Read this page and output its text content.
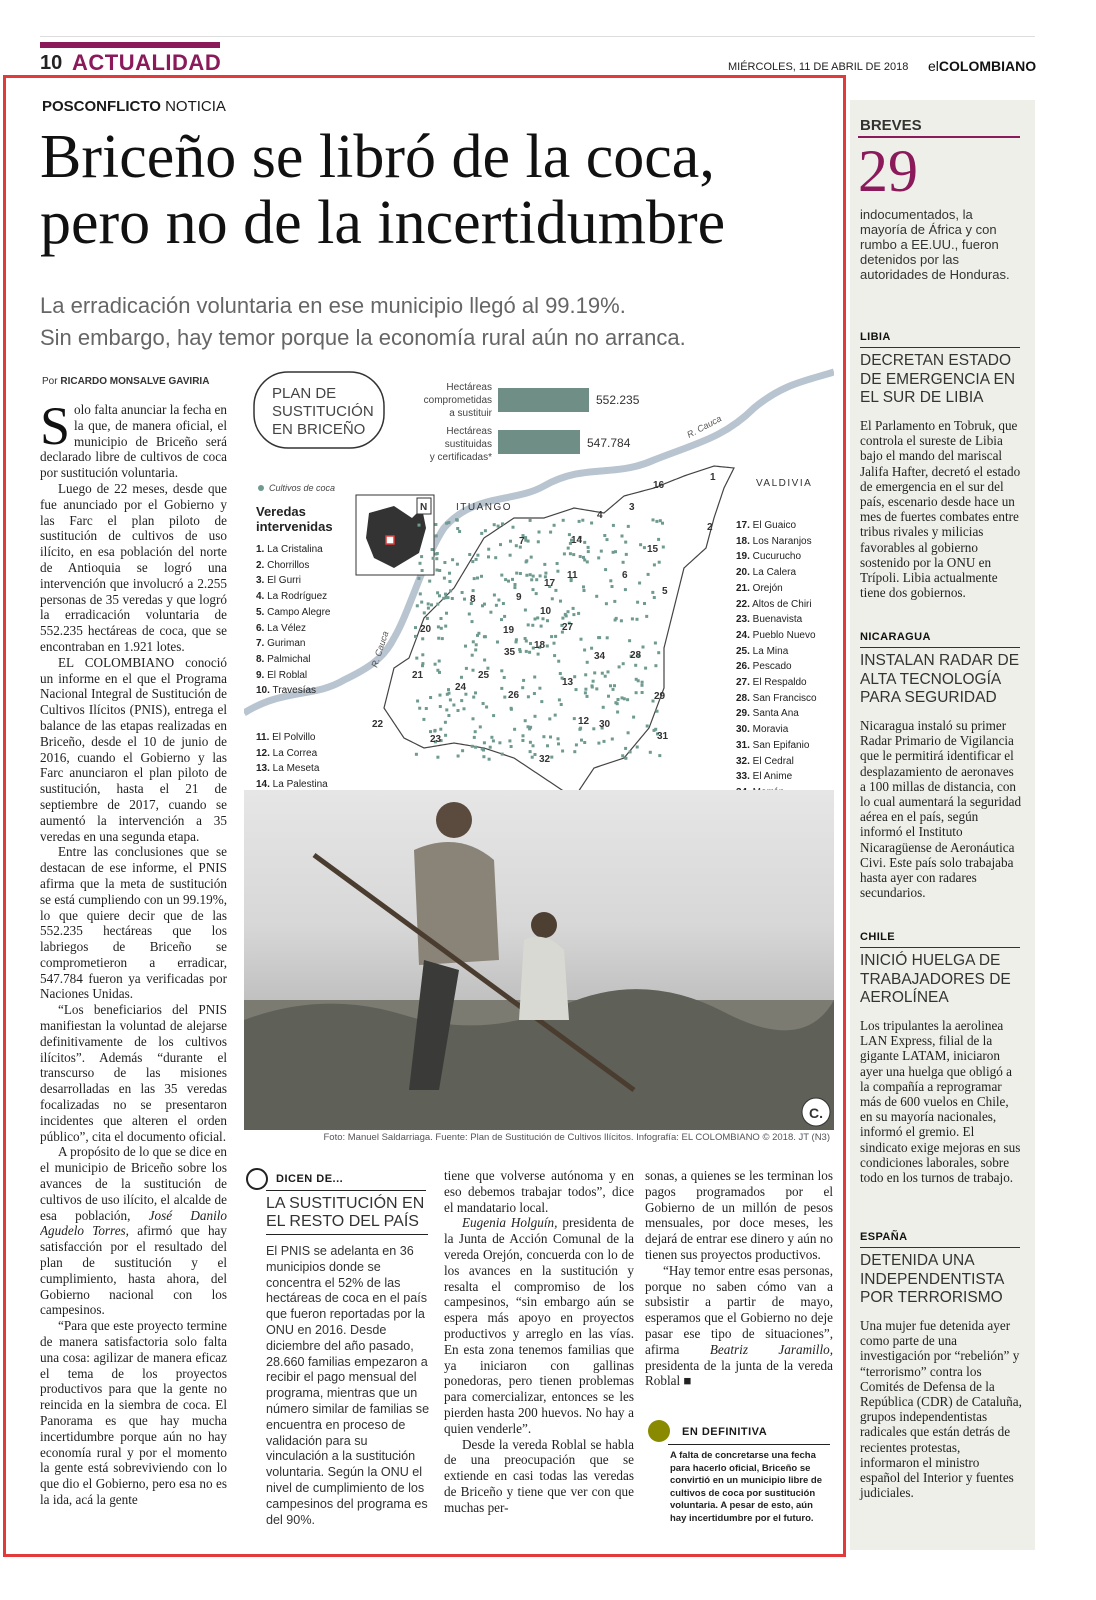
10 ACTUALIDAD	MIÉRCOLES, 11 DE ABRIL DE 2018 elCOLOMBIANO
POSCONFLICTO NOTICIA
Briceño se libró de la coca,
pero no de la incertidumbre
La erradicación voluntaria en ese municipio llegó al 99.19%.
Sin embargo, hay temor porque la economía rural aún no arranca.
Por RICARDO MONSALVE GAVIRIA

Solo falta anunciar la fecha en la que, de manera oficial, el municipio de Briceño será declarado libre de cultivos de coca por sustitución voluntaria.

Luego de 22 meses, desde que fue anunciado por el Gobierno y las Farc el plan piloto de sustitución de cultivos de uso ilícito, en esa población del norte de Antioquia se logró una intervención que involucró a 2.255 personas de 35 veredas y que logró la erradicación voluntaria de 552.235 hectáreas de coca, que se encontraban en 1.921 lotes.

EL COLOMBIANO conoció un informe en el que el Programa Nacional Integral de Sustitución de Cultivos Ilícitos (PNIS), entrega el balance de las etapas realizadas en Briceño, desde el 10 de junio de 2016, cuando el Gobierno y las Farc anunciaron el plan piloto de sustitución, hasta el 21 de septiembre de 2017, cuando se aumentó la intervención a 35 veredas en una segunda etapa.

Entre las conclusiones que se destacan de ese informe, el PNIS afirma que la meta de sustitución se está cumpliendo con un 99.19%, lo que quiere decir que de las 552.235 hectáreas que los labriegos de Briceño se comprometieron a erradicar, 547.784 fueron ya verificadas por Naciones Unidas.

“Los beneficiarios del PNIS manifiestan la voluntad de alejarse definitivamente de los cultivos ilícitos”. Además “durante el transcurso de las misiones desarrolladas en las 35 veredas focalizadas no se presentaron incidentes que alteren el orden público”, cita el documento oficial.

A propósito de lo que se dice en el municipio de Briceño sobre los avances de la sustitución de cultivos de uso ilícito, el alcalde de esa población, José Danilo Agudelo Torres, afirmó que hay satisfacción por el resultado del plan de sustitución y el cumplimiento, hasta ahora, del Gobierno nacional con los campesinos.

“Para que este proyecto termine de manera satisfactoria solo falta una cosa: agilizar de manera eficaz el tema de los proyectos productivos para que la gente no reincida en la siembra de coca. El Panorama es que hay mucha incertidumbre porque aún no hay economía rural y por el momento la gente está sobreviviendo con lo que dio el Gobierno, pero esa no es la ida, acá la gente

PLAN DE
SUSTITUCIÓN
EN BRICEÑO
Hectáreas
comprometidas
a sustituir
Hectáreas
sustituidas
y certificadas*
552.235
547.784
Cultivos de coca
R. Cauca
R. Cauca
N
1
2
3
4
5
6
7
8	9
10
11
12
13
14
15
16
17
18
19
20
21
22
23
24
25
26
27
28
29
30
31
32
34
35
ITUANGO
VALDIVIA
Veredas
intervenidas
1. La Cristalina
2. Chorrillos
3. El Gurri
4. La Rodríguez
5. Campo Alegre
6. La Vélez
7. Guriman
8. Palmichal
9. El Roblal
10. Travesías
11. El Polvillo
12. La Correa
13. La Meseta
14. La Palestina
17. El Guaico
18. Los Naranjos
19. Cucurucho
20. La Calera
21. Orejón
22. Altos de Chiri
23. Buenavista
24. Pueblo Nuevo
25. La Mina
26. Pescado
27. El Respaldo
28. San Francisco
29. Santa Ana
30. Moravia
31. San Epifanio
32. El Cedral
33. El Anime
C.
Foto: Manuel Saldarriaga. Fuente: Plan de Sustitución de Cultivos Ilícitos. Infografía: EL COLOMBIANO © 2018. JT (N3)
DICEN DE...
LA SUSTITUCIÓN EN EL RESTO DEL PAÍS
El PNIS se adelanta en 36 municipios donde se concentra el 52% de las hectáreas de coca en el país que fueron reportadas por la ONU en 2016. Desde diciembre del año pasado, 28.660 familias empezaron a recibir el pago mensual del programa, mientras que un número similar de familias se encuentra en proceso de validación para su vinculación a la sustitución voluntaria. Según la ONU el nivel de cumplimiento de los campesinos del programa es del 90%.

tiene que volverse autónoma y en eso debemos trabajar todos”, dice el mandatario local.

Eugenia Holguín, presidenta de la Junta de Acción Comunal de la vereda Orejón, concuerda con lo de los avances en la sustitución y resalta el compromiso de los campesinos, “sin embargo aún se espera más apoyo en proyectos productivos y arreglo en las vías. En esta zona tenemos familias que ya iniciaron con gallinas ponedoras, pero tienen problemas para comercializar, entonces se les pierden hasta 200 huevos. No hay a quien venderle”.

Desde la vereda Roblal se habla de una preocupación que se extiende en casi todas las veredas de Briceño y tiene que ver con que muchas per-

sonas, a quienes se les terminan los pagos programados por el Gobierno de un millón de pesos mensuales, por doce meses, les dejará de entrar ese dinero y aún no tienen sus proyectos productivos.

“Hay temor entre esas personas, porque no saben cómo van a subsistir a partir de mayo, esperamos que el Gobierno no deje pasar ese tipo de situaciones”, afirma Beatriz Jaramillo, presidenta de la junta de la vereda Roblal ■

EN DEFINITIVA
A falta de concretarse una fecha para hacerlo oficial, Briceño se convirtió en un municipio libre de cultivos de coca por sustitución voluntaria. A pesar de esto, aún hay incertidumbre por el futuro.
BREVES
29
indocumentados, la mayoría de África y con rumbo a EE.UU., fueron detenidos por las autoridades de Honduras.
LIBIA
DECRETAN ESTADO DE EMERGENCIA EN EL SUR DE LIBIA
El Parlamento en Tobruk, que controla el sureste de Libia bajo el mando del mariscal Jalifa Hafter, decretó el estado de emergencia en el sur del país, escenario desde hace un mes de fuertes combates entre tribus rivales y milicias favorables al gobierno sostenido por la ONU en Trípoli. Libia actualmente tiene dos gobiernos.
NICARAGUA
INSTALAN RADAR DE ALTA TECNOLOGÍA PARA SEGURIDAD
Nicaragua instaló su primer Radar Primario de Vigilancia que le permitirá identificar el desplazamiento de aeronaves a 100 millas de distancia, con lo cual aumentará la seguridad aérea en el país, según informó el Instituto Nicaragüense de Aeronáutica Civi. Este país solo trabajaba hasta ayer con radares secundarios.
CHILE
INICIÓ HUELGA DE TRABAJADORES DE AEROLÍNEA
Los tripulantes la aerolinea LAN Express, filial de la gigante LATAM, iniciaron ayer una huelga que obligó a la compañía a reprogramar más de 600 vuelos en Chile, en su mayoría nacionales, informó el gremio. El sindicato exige mejoras en sus condiciones laborales, sobre todo en los turnos de trabajo.
ESPAÑA
DETENIDA UNA INDEPENDENTISTA POR TERRORISMO
Una mujer fue detenida ayer como parte de una investigación por “rebelión” y “terrorismo” contra los Comités de Defensa de la República (CDR) de Cataluña, grupos independentistas radicales que están detrás de recientes protestas, informaron el ministro español del Interior y fuentes judiciales.
